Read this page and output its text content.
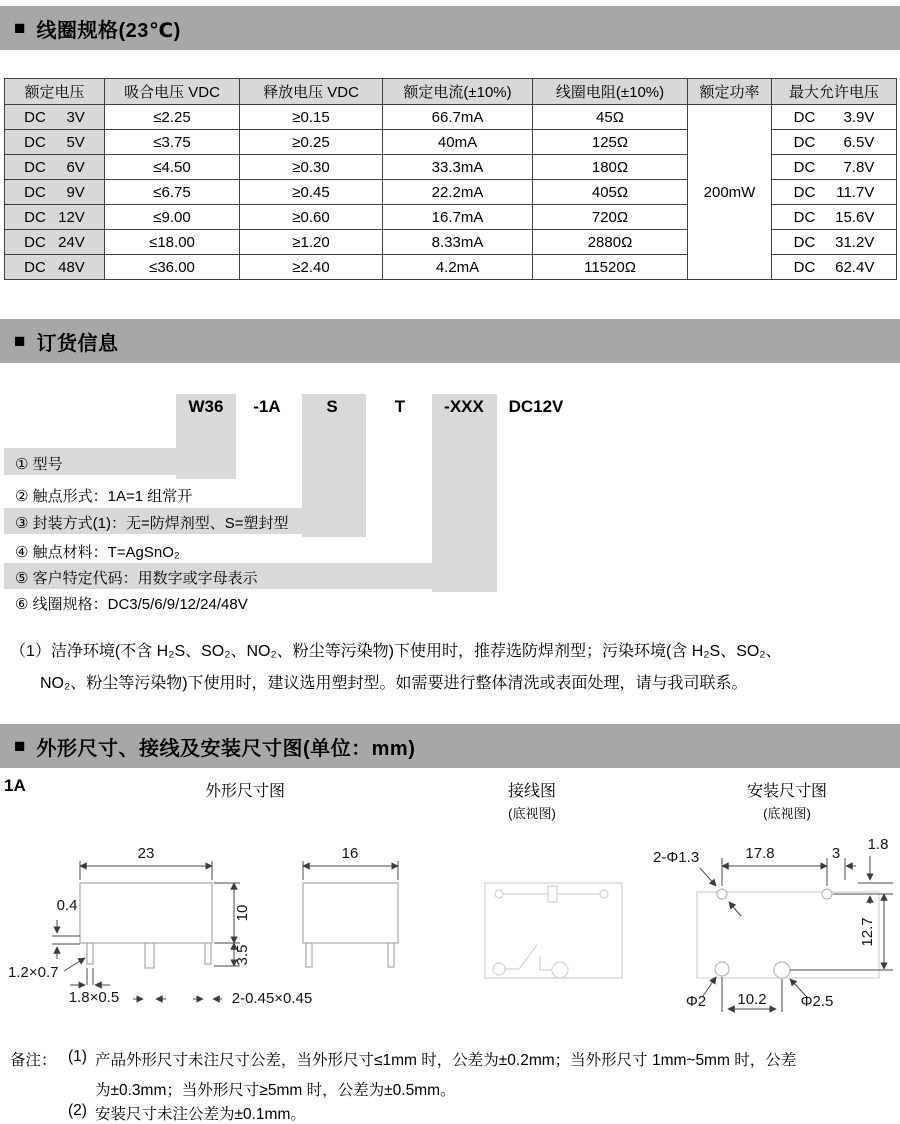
■ 线圈规格(23℃)
额定电压	吸合电压 VDC	释放电压 VDC	额定电流(±10%)	线圈电阻(±10%)	额定功率	最大允许电压

DC 3V	≤2.25	≥0.15	66.7mA	45Ω	200mW	DC 3.9V

DC 5V	≤3.75	≥0.25	40mA	125Ω		DC 6.5V

DC 6V	≤4.50	≥0.30	33.3mA	180Ω		DC 7.8V

DC 9V	≤6.75	≥0.45	22.2mA	405Ω		DC 11.7V

DC 12V	≤9.00	≥0.60	16.7mA	720Ω		DC 15.6V

DC 24V	≤18.00	≥1.20	8.33mA	2880Ω		DC 31.2V

DC 48V	≤36.00	≥2.40	4.2mA	11520Ω		DC 62.4V
■ 订货信息
W36	-1A	S	T	-XXX	DC12V
① 型号
② 触点形式：1A=1 组常开
③ 封装方式(1)：无=防焊剂型、S=塑封型
④ 触点材料：T=AgSnO₂
⑤ 客户特定代码：用数字或字母表示
⑥ 线圈规格：DC3/5/6/9/12/24/48V
（1）洁净环境(不含 H₂S、SO₂、NO₂、粉尘等污染物)下使用时，推荐选防焊剂型；污染环境(含 H₂S、SO₂、
NO₂、粉尘等污染物)下使用时，建议选用塑封型。如需要进行整体清洗或表面处理，请与我司联系。
■ 外形尺寸、接线及安装尺寸图(单位：mm)
1A	外形尺寸图	接线图
(底视图)
安装尺寸图
(底视图)
23
10
3.5
0.4
1.2×0.7
1.8×0.5	2-0.45×0.45
16	2-Φ1.3	17.8	3
1.8
12.7
10.2
Φ2	Φ2.5
备注： (1) 产品外形尺寸未注尺寸公差，当外形尺寸≤1mm 时，公差为±0.2mm；当外形尺寸 1mm~5mm 时，公差
为±0.3mm；当外形尺寸≥5mm 时，公差为±0.5mm。
(2) 安装尺寸未注公差为±0.1mm。
